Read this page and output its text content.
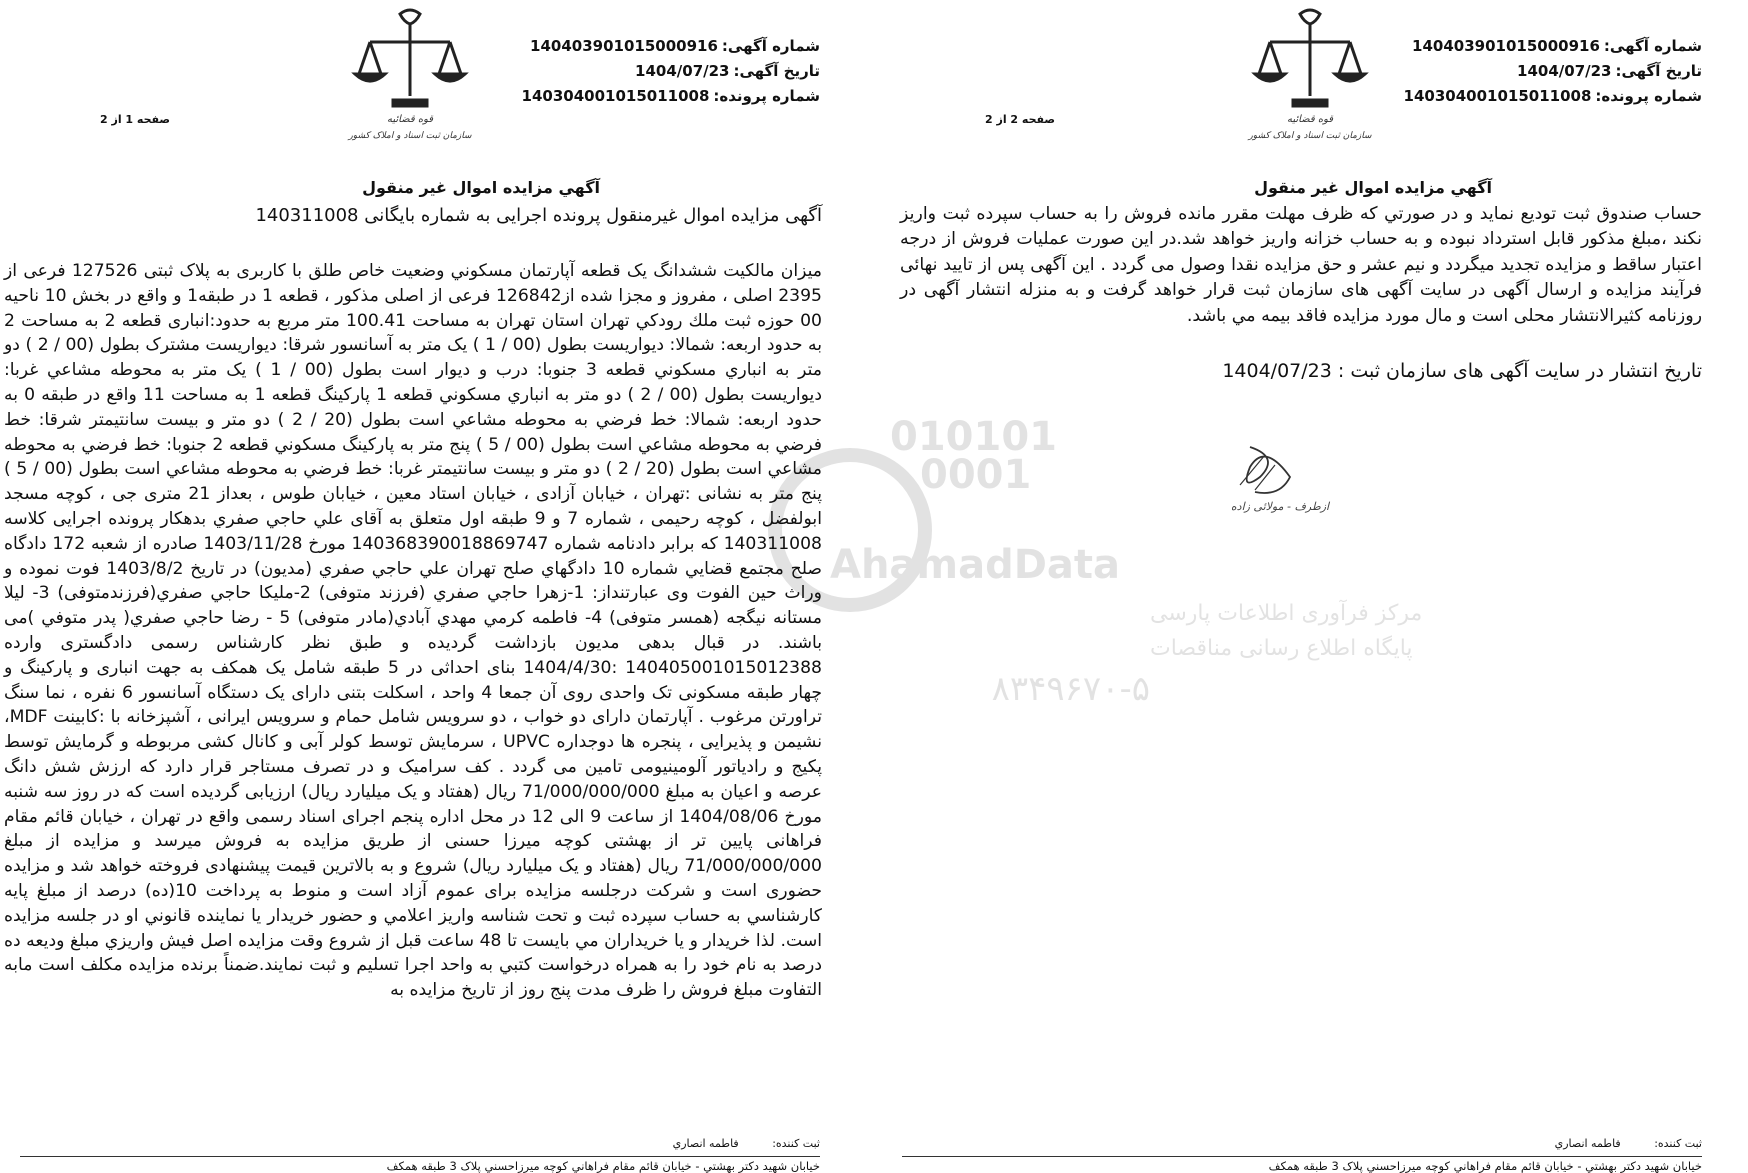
010101
0001
AhamadData
مرکز فرآوری اطلاعات پارسی
پایگاه اطلاع رسانی مناقصات
۸۳۴۹۶۷۰-۵
شماره آگهی:140403901015000916
تاریخ آگهی:1404/07/23
شماره پرونده:140304001015011008
قوه قضائیه
سازمان ثبت اسناد و املاک کشور
صفحه 1 از 2
آگهي مزايده اموال غير منقول
آگهی مزایده اموال غیرمنقول پرونده اجرایی به شماره بایگانی 140311008
میزان مالکیت ششدانگ یک قطعه آپارتمان مسکوني وضعیت خاص طلق با کاربری به پلاک ثبتی 127526 فرعی از 2395 اصلی ، مفروز و مجزا شده از126842 فرعی از اصلی مذکور ، قطعه 1 در طبقه1 و واقع در بخش 10 ناحیه 00 حوزه ثبت ملك رودکي تهران استان تهران به مساحت 100.41 متر مربع به حدود:انباری قطعه 2 به مساحت 2 به حدود اربعه: شمالا: دیواریست بطول (00 / 1 ) یک متر به آسانسور شرقا: دیواریست مشترک بطول (00 / 2 ) دو متر به انباري مسكوني قطعه 3 جنوبا: درب و دیوار است بطول (00 / 1 ) یک متر به محوطه مشاعي غربا: دیواریست بطول (00 / 2 ) دو متر به انباري مسكوني قطعه 1 پارکینگ قطعه 1 به مساحت 11 واقع در طبقه 0 به حدود اربعه: شمالا: خط فرضي به محوطه مشاعي است بطول (20 / 2 ) دو متر و بیست سانتیمتر شرقا: خط فرضي به محوطه مشاعي است بطول (00 / 5 ) پنج متر به پارکینگ مسکوني قطعه 2 جنوبا: خط فرضي به محوطه مشاعي است بطول (20 / 2 ) دو متر و بیست سانتیمتر غربا: خط فرضي به محوطه مشاعي است بطول (00 / 5 ) پنج متر به نشانی :تهران ، خیابان آزادی ، خیابان استاد معین ، خیابان طوس ، بعداز 21 متری جی ، کوچه مسجد ابولفضل ، کوچه رحیمی ، شماره 7 و 9 طبقه اول متعلق به آقای علي حاجي صفري بدهكار پرونده اجرایی کلاسه 140311008 که برابر دادنامه شماره 140368390018869747 مورخ 1403/11/28 صادره از شعبه 172 دادگاه صلح مجتمع قضايي شماره 10 دادگهاي صلح تهران علي حاجي صفري (مديون) در تاریخ 1403/8/2 فوت نموده و وراث حین الفوت وی عبارتنداز: 1-زهرا حاجي صفري (فرزند متوفی) 2-ملیکا حاجي صفري(فرزندمتوفی) 3- لیلا مستانه نیگجه (همسر متوفی) 4- فاطمه كرمي مهدي آبادي(مادر متوفی) 5 - رضا حاجي صفري( پدر متوفي )می باشند. در قبال بدهی مدیون بازداشت گردیده و طبق نظر کارشناس رسمی دادگستری وارده 140405001015012388 :1404/4/30 بنای احداثی در 5 طبقه شامل یک همکف به جهت انباری و پارکینگ و چهار طبقه مسکونی تک واحدی روی آن جمعا 4 واحد ، اسکلت بتنی دارای یک دستگاه آسانسور 6 نفره ، نما سنگ تراورتن مرغوب . آپارتمان دارای دو خواب ، دو سرویس شامل حمام و سرویس ایرانی ، آشپزخانه با :کابینت MDF، نشیمن و پذیرایی ، پنجره ها دوجداره UPVC ، سرمایش توسط کولر آبی و کانال کشی مربوطه و گرمایش توسط پکیج و رادیاتور آلومینیومی تامین می گردد . کف سرامیک و در تصرف مستاجر قرار دارد که ارزش شش دانگ عرصه و اعیان به مبلغ 71/000/000/000 ریال (هفتاد و یک میلیارد ریال) ارزیابی گردیده است که در روز سه شنبه مورخ 1404/08/06 از ساعت 9 الی 12 در محل اداره پنجم اجرای اسناد رسمی واقع در تهران ، خیابان قائم مقام فراهانی پایین تر از بهشتی کوچه میرزا حسنی از طریق مزایده به فروش میرسد و مزایده از مبلغ 71/000/000/000 ریال (هفتاد و یک میلیارد ریال) شروع و به بالاترین قیمت پیشنهادی فروخته خواهد شد و مزایده حضوری است و شرکت درجلسه مزایده برای عموم آزاد است و منوط به پرداخت 10(ده) درصد از مبلغ پایه کارشناسي به حساب سپرده ثبت و تحت شناسه واریز اعلامي و حضور خریدار یا نماينده قانوني او در جلسه مزایده است. لذا خریدار و یا خریداران مي بایست تا 48 ساعت قبل از شروع وقت مزایده اصل فیش واریزي مبلغ ودیعه ده درصد به نام خود را به همراه درخواست کتبي به واحد اجرا تسلیم و ثبت نمایند.ضمناً برنده مزایده مكلف است مابه التفاوت مبلغ فروش را ظرف مدت پنج روز از تاریخ مزایده به
ثبت کننده: فاطمه انصاري
خیابان شهید دکتر بهشتي - خیابان قائم مقام فراهاني کوچه میرزاحسني پلاک 3 طبقه همکف
شماره آگهی:140403901015000916
تاریخ آگهی:1404/07/23
شماره پرونده:140304001015011008
قوه قضائیه
سازمان ثبت اسناد و املاک کشور
صفحه 2 از 2
آگهي مزايده اموال غير منقول
حساب صندوق ثبت تودیع نماید و در صورتي كه ظرف مهلت مقرر مانده فروش را به حساب سپرده ثبت واریز نكند ،مبلغ مذكور قابل استرداد نبوده و به حساب خزانه واریز خواهد شد.در این صورت عملیات فروش از درجه اعتبار ساقط و مزایده تجدید میگردد و نیم عشر و حق مزایده نقدا وصول می گردد . این آگهی پس از تایید نهائی فرآیند مزایده و ارسال آگهی در سایت آگهی های سازمان ثبت قرار خواهد گرفت و به منزله انتشار آگهی در روزنامه کثیرالانتشار محلی است و مال مورد مزايده فاقد بيمه مي باشد.
تاریخ انتشار در سایت آگهی های سازمان ثبت : 1404/07/23
ازطرف - مولائی زاده
ثبت کننده: فاطمه انصاري
خیابان شهید دکتر بهشتي - خیابان قائم مقام فراهاني کوچه میرزاحسني پلاک 3 طبقه همکف
